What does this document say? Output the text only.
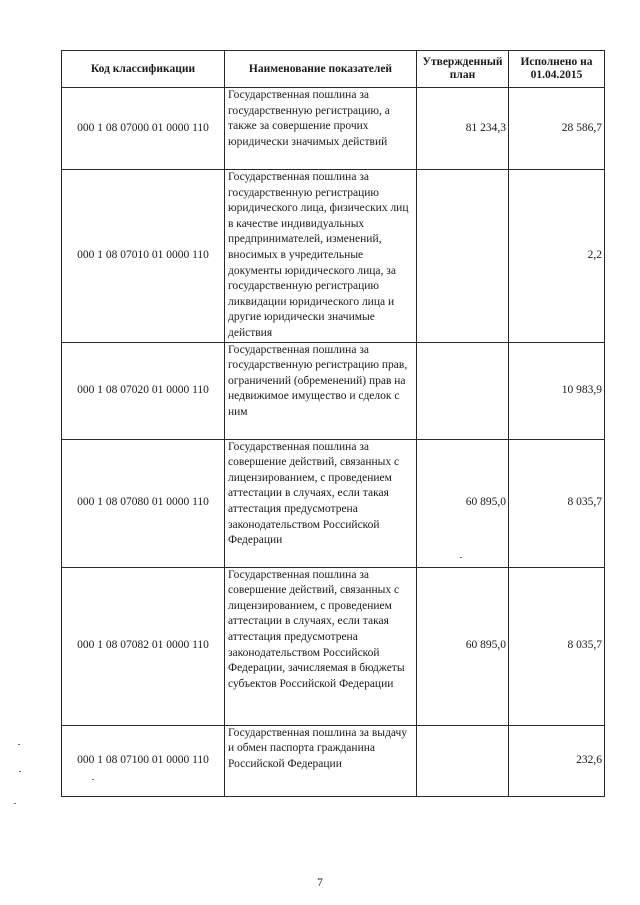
Код классификации	Наименование показателей	Утвержденный план	Исполнено на 01.04.2015
000 1 08 07000 01 0000 110	Государственная пошлина за государственную регистрацию, а также за совершение прочих юридически значимых действий	81 234,3	28 586,7
000 1 08 07010 01 0000 110	Государственная пошлина за государственную регистрацию юридического лица, физических лиц в качестве индивидуальных предпринимателей, изменений, вносимых в учредительные документы юридического лица, за государственную регистрацию ликвидации юридического лица и другие юридически значимые действия		2,2
000 1 08 07020 01 0000 110	Государственная пошлина за государственную регистрацию прав, ограничений (обременений) прав на недвижимое имущество и сделок с ним		10 983,9
000 1 08 07080 01 0000 110	Государственная пошлина за совершение действий, связанных с лицензированием, с проведением аттестации в случаях, если такая аттестация предусмотрена законодательством Российской Федерации	60 895,0	8 035,7
000 1 08 07082 01 0000 110	Государственная пошлина за совершение действий, связанных с лицензированием, с проведением аттестации в случаях, если такая аттестация предусмотрена законодательством Российской Федерации, зачисляемая в бюджеты субъектов Российской Федерации	60 895,0	8 035,7
000 1 08 07100 01 0000 110	Государственная пошлина за выдачу и обмен паспорта гражданина Российской Федерации		232,6
7
